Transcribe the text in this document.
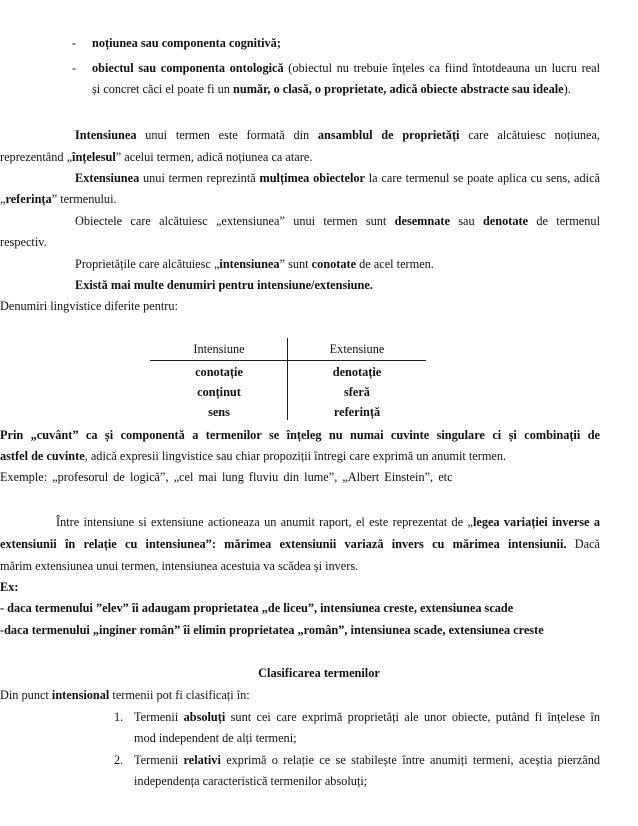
- noțiunea sau componenta cognitivă;
- obiectul sau componenta ontologică (obiectul nu trebuie înțeles ca fiind întotdeauna un lucru real
și concret căci el poate fi un număr, o clasă, o proprietate, adică obiecte abstracte sau ideale).
Intensiunea unui termen este formată din ansamblul de proprietăți care alcătuiesc noțiunea,
reprezentând „înțelesul” acelui termen, adică noțiunea ca atare.
Extensiunea unui termen reprezintă mulțimea obiectelor la care termenul se poate aplica cu sens, adică
„referința” termenului.
Obiectele care alcătuiesc „extensiunea” unui termen sunt desemnate sau denotate de termenul
respectiv.
Proprietățile care alcătuiesc „intensiunea” sunt conotate de acel termen.
Există mai multe denumiri pentru intensiune/extensiune.
Denumiri lingvistice diferite pentru:
Intensiune	Extensiune
conotație	denotație
conținut	sferă
sens	referință
Prin „cuvânt” ca și componentă a termenilor se înțeleg nu numai cuvinte singulare ci și combinații de
astfel de cuvinte, adică expresii lingvistice sau chiar propoziții întregi care exprimă un anumit termen.
Exemple: „profesorul de logică”, „cel mai lung fluviu din lume”, „Albert Einstein”, etc
Între intensiune si extensiune actioneaza un anumit raport, el este reprezentat de „legea variației inverse a
extensiunii în relație cu intensiunea”: mărimea extensiunii variază invers cu mărimea intensiunii. Dacă
mărim extensiunea unui termen, intensiunea acestuia va scădea și invers.
Ex:
- daca termenului ”elev” îi adaugam proprietatea „de liceu”, intensiunea creste, extensiunea scade
-daca termenului „inginer român” îi elimin proprietatea „român”, intensiunea scade, extensiunea creste
Clasificarea termenilor
Din punct intensional termenii pot fi clasificați în:
1. Termenii absoluți sunt cei care exprimă proprietăți ale unor obiecte, putând fi înțelese în
mod independent de alți termeni;
2. Termenii relativi exprimă o relație ce se stabilește între anumiți termeni, aceștia pierzând
independența caracteristică termenilor absoluți;
